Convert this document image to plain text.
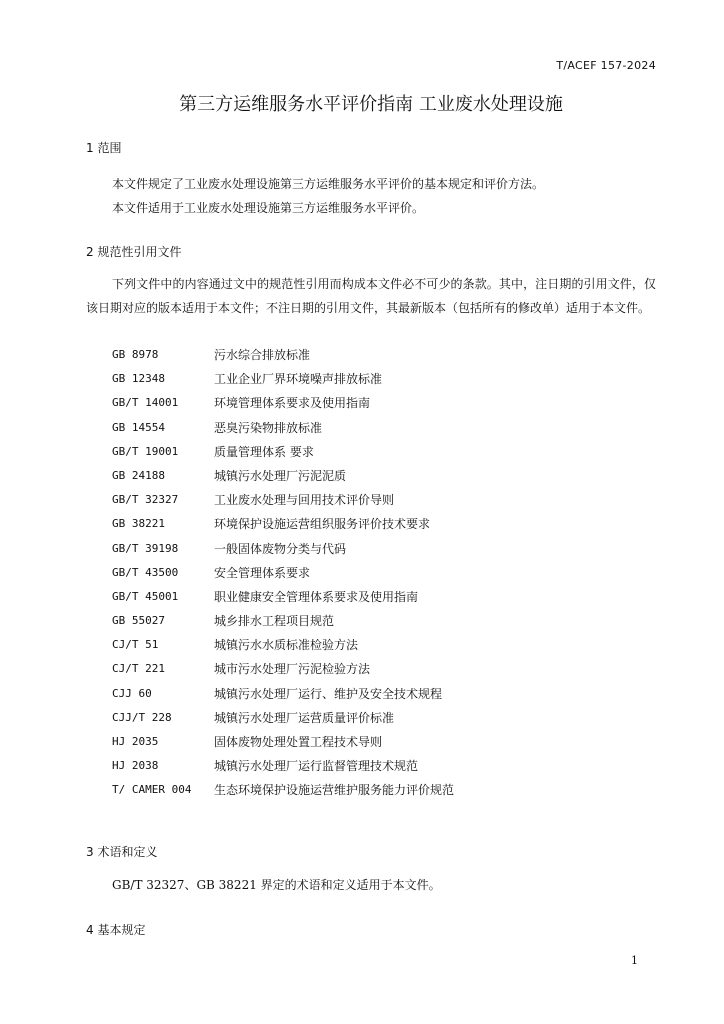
T/ACEF 157-2024
第三方运维服务水平评价指南 工业废水处理设施
1 范围

本文件规定了工业废水处理设施第三方运维服务水平评价的基本规定和评价方法。

本文件适用于工业废水处理设施第三方运维服务水平评价。

2 规范性引用文件

下列文件中的内容通过文中的规范性引用而构成本文件必不可少的条款。其中，注日期的引用文件，仅该日期对应的版本适用于本文件；不注日期的引用文件，其最新版本（包括所有的修改单）适用于本文件。

GB 8978	污水综合排放标准
GB 12348	工业企业厂界环境噪声排放标准
GB/T 14001	环境管理体系要求及使用指南
GB 14554	恶臭污染物排放标准
GB/T 19001	质量管理体系 要求
GB 24188	城镇污水处理厂污泥泥质
GB/T 32327	工业废水处理与回用技术评价导则
GB 38221	环境保护设施运营组织服务评价技术要求
GB/T 39198	一般固体废物分类与代码
GB/T 43500	安全管理体系要求
GB/T 45001	职业健康安全管理体系要求及使用指南
GB 55027	城乡排水工程项目规范
CJ/T 51	城镇污水水质标准检验方法
CJ/T 221	城市污水处理厂污泥检验方法
CJJ 60	城镇污水处理厂运行、维护及安全技术规程
CJJ/T 228	城镇污水处理厂运营质量评价标准
HJ 2035	固体废物处理处置工程技术导则
HJ 2038	城镇污水处理厂运行监督管理技术规范
T/ CAMER 004	生态环境保护设施运营维护服务能力评价规范
3 术语和定义

GB/T 32327、GB 38221 界定的术语和定义适用于本文件。

4 基本规定
1
